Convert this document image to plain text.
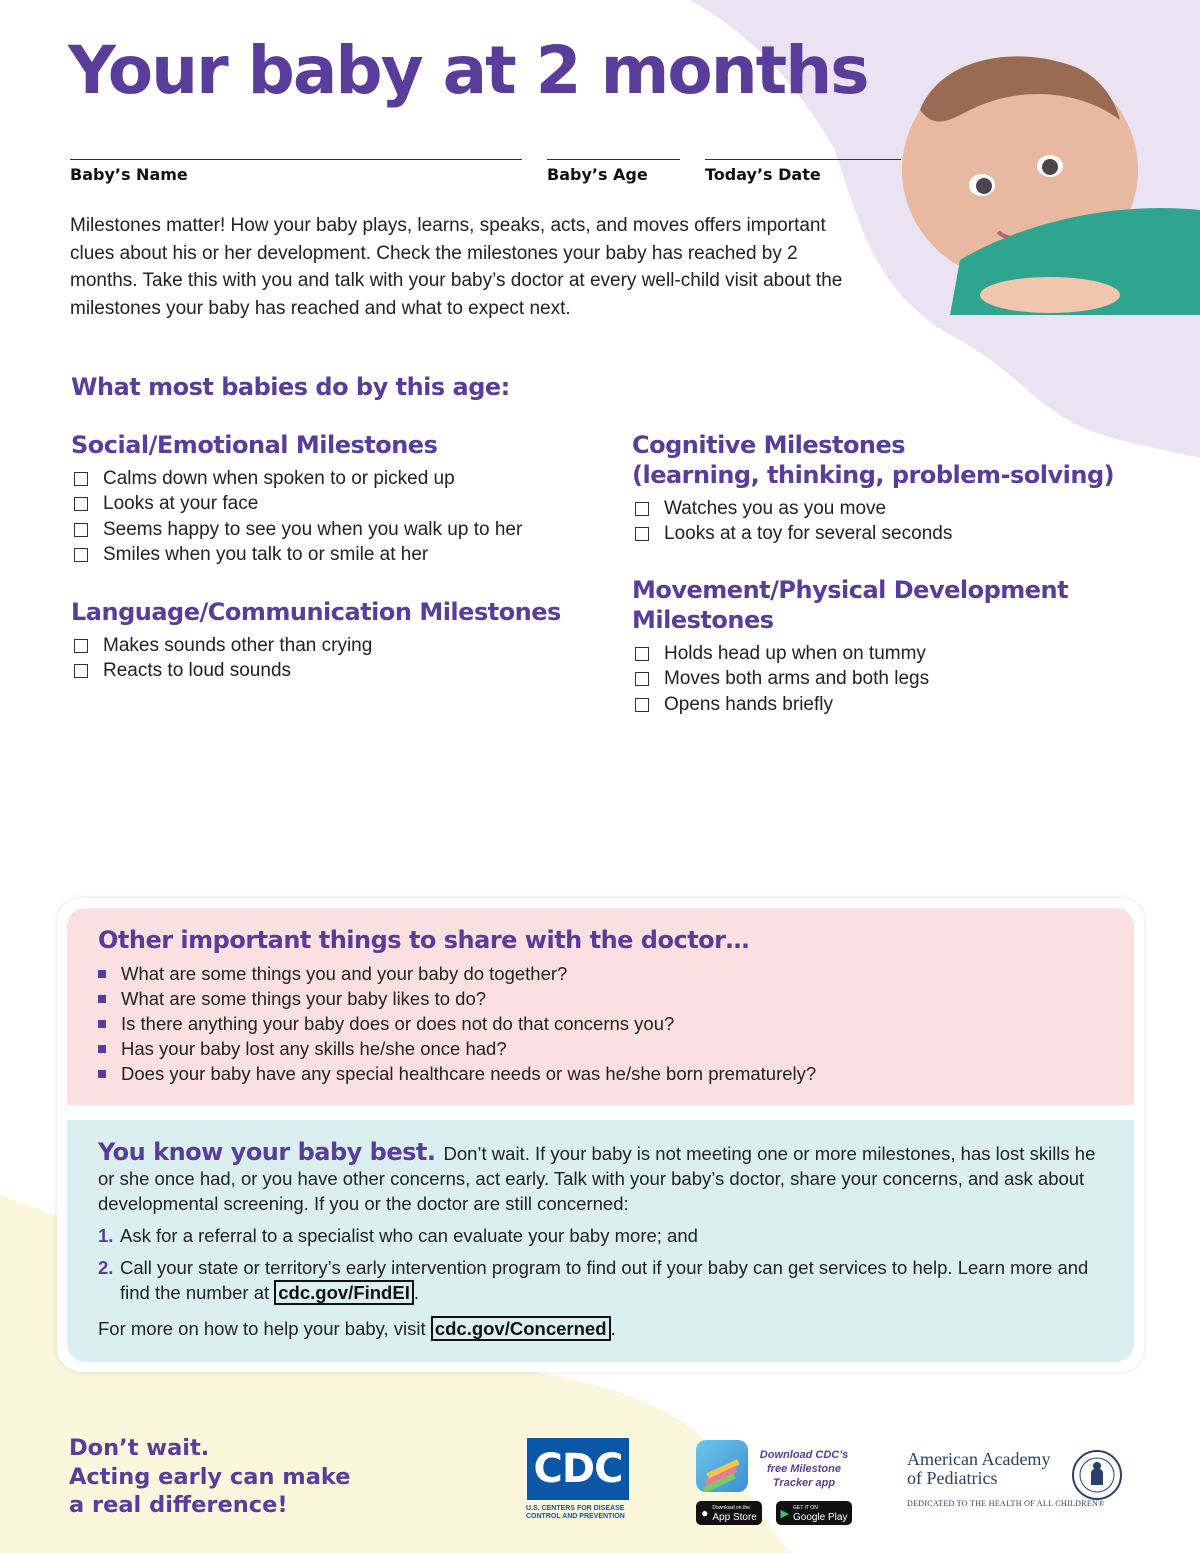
Your baby at 2 months
Baby’s Name	Baby’s Age	Today’s Date

Milestones matter! How your baby plays, learns, speaks, acts, and moves offers important clues about his or her development. Check the milestones your baby has reached by 2 months. Take this with you and talk with your baby’s doctor at every well-child visit about the milestones your baby has reached and what to expect next.

What most babies do by this age:
Social/Emotional Milestones
Calms down when spoken to or picked up
Looks at your face
Seems happy to see you when you walk up to her
Smiles when you talk to or smile at her
Language/Communication Milestones
Makes sounds other than crying
Reacts to loud sounds
Cognitive Milestones
(learning, thinking, problem-solving)
Watches you as you move
Looks at a toy for several seconds
Movement/Physical Development
Milestones
Holds head up when on tummy
Moves both arms and both legs
Opens hands briefly
Other important things to share with the doctor…
What are some things you and your baby do together?
What are some things your baby likes to do?
Is there anything your baby does or does not do that concerns you?
Has your baby lost any skills he/she once had?
Does your baby have any special healthcare needs or was he/she born prematurely?

You know your baby best. Don’t wait. If your baby is not meeting one or more milestones, has lost skills he or she once had, or you have other concerns, act early. Talk with your baby’s doctor, share your concerns, and ask about developmental screening. If you or the doctor are still concerned:

1. Ask for a referral to a specialist who can evaluate your baby more; and

2. Call your state or territory’s early intervention program to find out if your baby can get services to help. Learn more and find the number at cdc.gov/FindEI .

For more on how to help your baby, visit cdc.gov/Concerned .

Don’t wait.
Acting early can make
a real difference!
CDC
U.S. CENTERS FOR DISEASE
CONTROL AND PREVENTION
Download CDC’s
free Milestone
Tracker app
● Download on the
App Store ▶ GET IT ON
Google Play
American Academy
of Pediatrics
DEDICATED TO THE HEALTH OF ALL CHILDREN®
